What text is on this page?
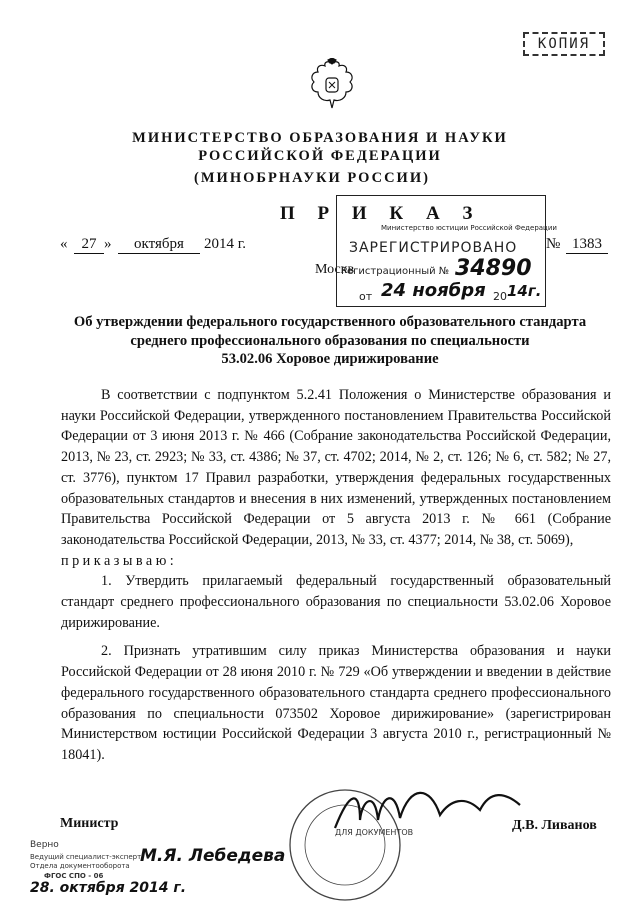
КОПИЯ
МИНИСТЕРСТВО ОБРАЗОВАНИЯ И НАУКИ
РОССИЙСКОЙ ФЕДЕРАЦИИ
(МИНОБРНАУКИ РОССИИ)
П Р И К А З
« 27 »	октября	2014 г.	№ 1383
Москв
Министерство юстиции Российской Федерации
ЗАРЕГИСТРИРОВАНО
Регистрационный № 34890
от 24 ноября 20 14г.
Об утверждении федерального государственного образовательного стандарта
среднего профессионального образования по специальности
53.02.06 Хоровое дирижирование

В соответствии с подпунктом 5.2.41 Положения о Министерстве образования и науки Российской Федерации, утвержденного постановлением Правительства Российской Федерации от 3 июня 2013 г. № 466 (Собрание законодательства Российской Федерации, 2013, № 23, ст. 2923; № 33, ст. 4386; № 37, ст. 4702; 2014, № 2, ст. 126; № 6, ст. 582; № 27, ст. 3776), пунктом 17 Правил разработки, утверждения федеральных государственных образовательных стандартов и внесения в них изменений, утвержденных постановлением Правительства Российской Федерации от 5 августа 2013 г. № 661 (Собрание законодательства Российской Федерации, 2013, № 33, ст. 4377; 2014, № 38, ст. 5069),

приказываю:

1. Утвердить прилагаемый федеральный государственный образовательный стандарт среднего профессионального образования по специальности 53.02.06 Хоровое дирижирование.

2. Признать утратившим силу приказ Министерства образования и науки Российской Федерации от 28 июня 2010 г. № 729 «Об утверждении и введении в действие федерального государственного образовательного стандарта среднего профессионального образования по специальности 073502 Хоровое дирижирование» (зарегистрирован Министерством юстиции Российской Федерации 3 августа 2010 г., регистрационный № 18041).

ДЛЯ ДОКУМЕНТОВ
Министр	Д.В. Ливанов
Верно
Ведущий специалист-эксперт
Отдела документооборота
ФГОС СПО - 06
М.Я. Лебедева
28. октября 2014 г.
